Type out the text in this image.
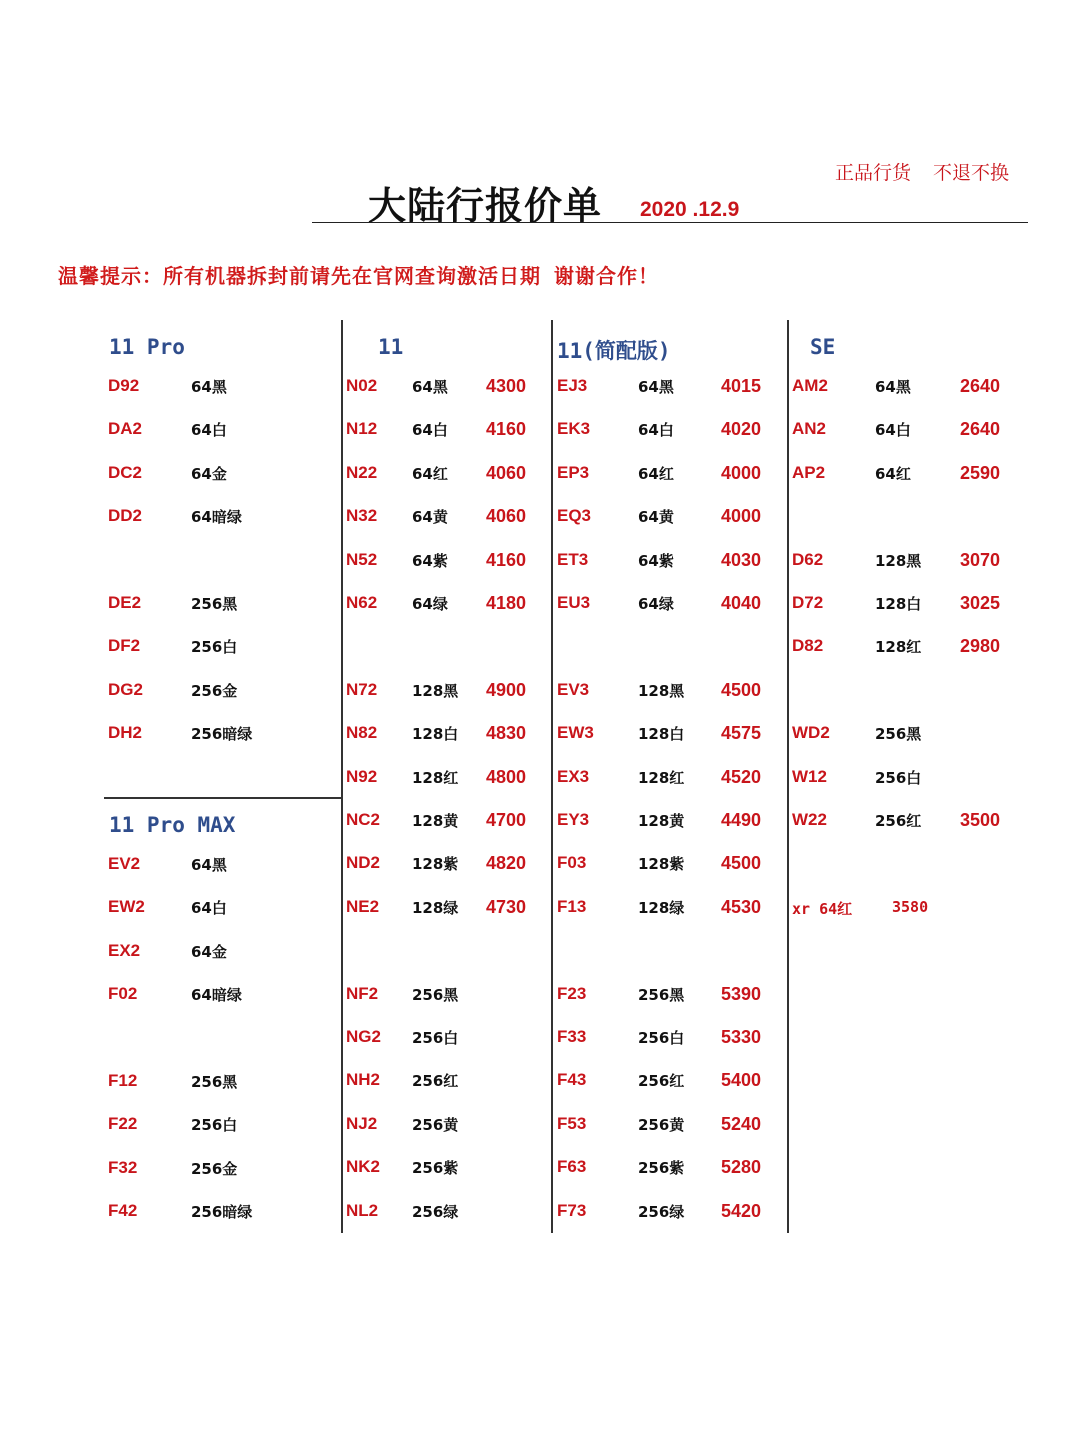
大陆行报价单 2020 .12.9
正品行货 不退不换
温馨提示：所有机器拆封前请先在官网查询激活日期 谢谢合作！
11 Pro
11 Pro MAX
11	11(简配版)	SE
D92	64黑
DA2	64白
DC2	64金
DD2	64暗绿
DE2	256黑
DF2	256白
DG2	256金
DH2	256暗绿
EV2	64黑
EW2	64白
EX2	64金
F02	64暗绿
F12	256黑
F22	256白
F32	256金
F42	256暗绿
N02 64黑 4300
N12 64白 4160
N22 64红 4060
N32 64黄 4060
N52 64紫 4160
N62 64绿 4180
N72 128黑 4900
N82 128白 4830
N92 128红 4800
NC2 128黄 4700
ND2 128紫 4820
NE2 128绿 4730
NF2 256黑
NG2 256白
NH2 256红
NJ2 256黄
NK2 256紫
NL2 256绿
EJ3	64黑	4015
EK3	64白	4020
EP3	64红	4000
EQ3	64黄	4000
ET3	64紫	4030
EU3	64绿	4040
EV3	128黑 4500
EW3	128白 4575
EX3	128红 4520
EY3	128黄 4490
F03	128紫 4500
F13	128绿 4530
F23	256黑 5390
F33	256白 5330
F43	256红 5400
F53	256黄 5240
F63	256紫 5280
F73	256绿 5420
AM2	64黑	2640
AN2	64白	2640
AP2	64红	2590
D62	128黑 3070
D72	128白 3025
D82	128红 2980
WD2	256黑
W12	256白
W22	256红 3500
xr 64红	3580
